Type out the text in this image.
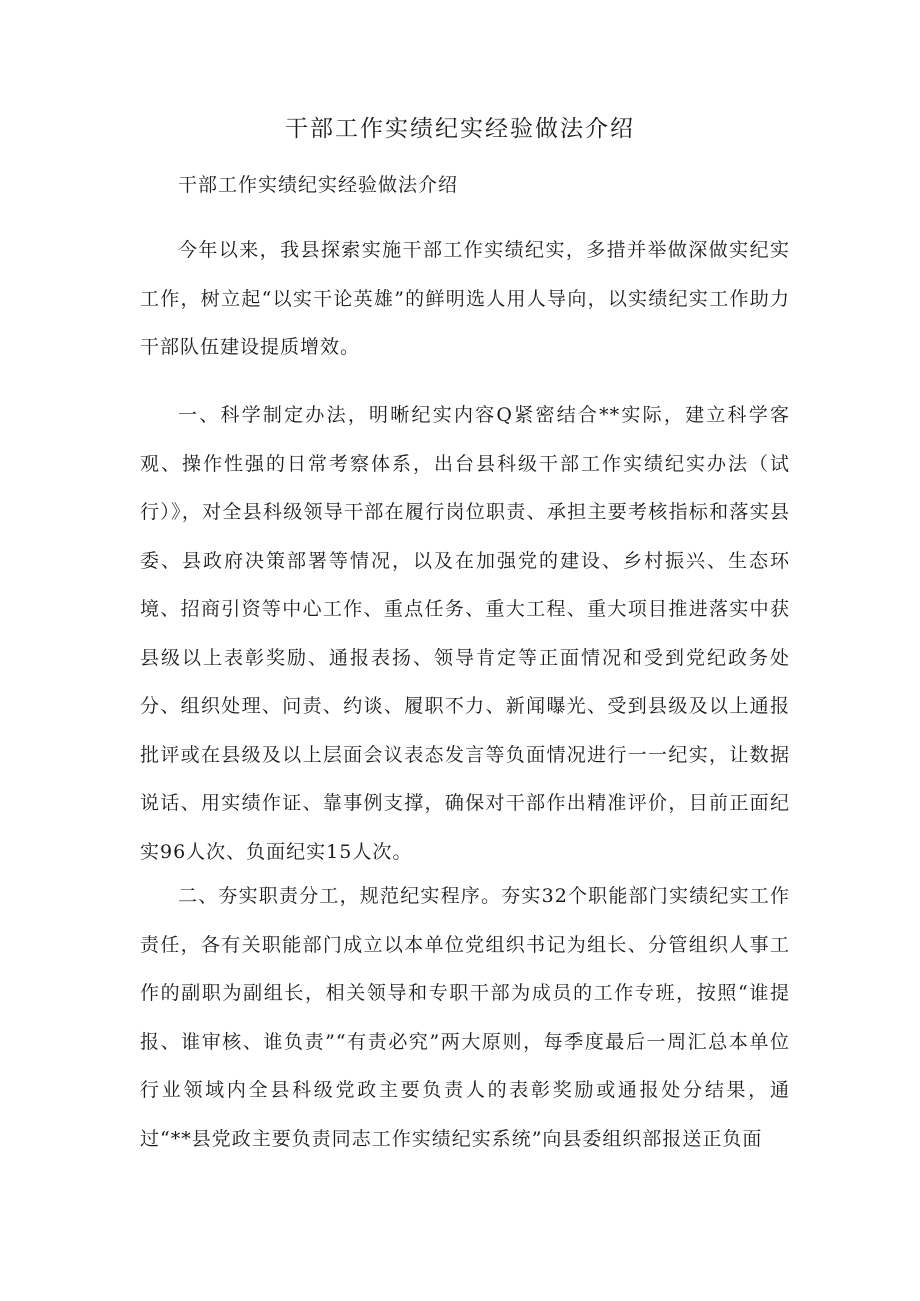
干部工作实绩纪实经验做法介绍

干部工作实绩纪实经验做法介绍

今年以来，我县探索实施干部工作实绩纪实，多措并举做深做实纪实工作，树立起“以实干论英雄”的鲜明选人用人导向，以实绩纪实工作助力干部队伍建设提质增效。

一、科学制定办法，明晰纪实内容Q紧密结合**实际，建立科学客观、操作性强的日常考察体系，出台县科级干部工作实绩纪实办法（试行）》，对全县科级领导干部在履行岗位职责、承担主要考核指标和落实县委、县政府决策部署等情况，以及在加强党的建设、乡村振兴、生态环境、招商引资等中心工作、重点任务、重大工程、重大项目推进落实中获县级以上表彰奖励、通报表扬、领导肯定等正面情况和受到党纪政务处分、组织处理、问责、约谈、履职不力、新闻曝光、受到县级及以上通报批评或在县级及以上层面会议表态发言等负面情况进行一一纪实，让数据说话、用实绩作证、靠事例支撑，确保对干部作出精准评价，目前正面纪实96人次、负面纪实15人次。

二、夯实职责分工，规范纪实程序。夯实32个职能部门实绩纪实工作责任，各有关职能部门成立以本单位党组织书记为组长、分管组织人事工作的副职为副组长，相关领导和专职干部为成员的工作专班，按照“谁提报、谁审核、谁负责”“有责必究”两大原则，每季度最后一周汇总本单位行业领域内全县科级党政主要负责人的表彰奖励或通报处分结果，通过“**县党政主要负责同志工作实绩纪实系统”向县委组织部报送正负面
